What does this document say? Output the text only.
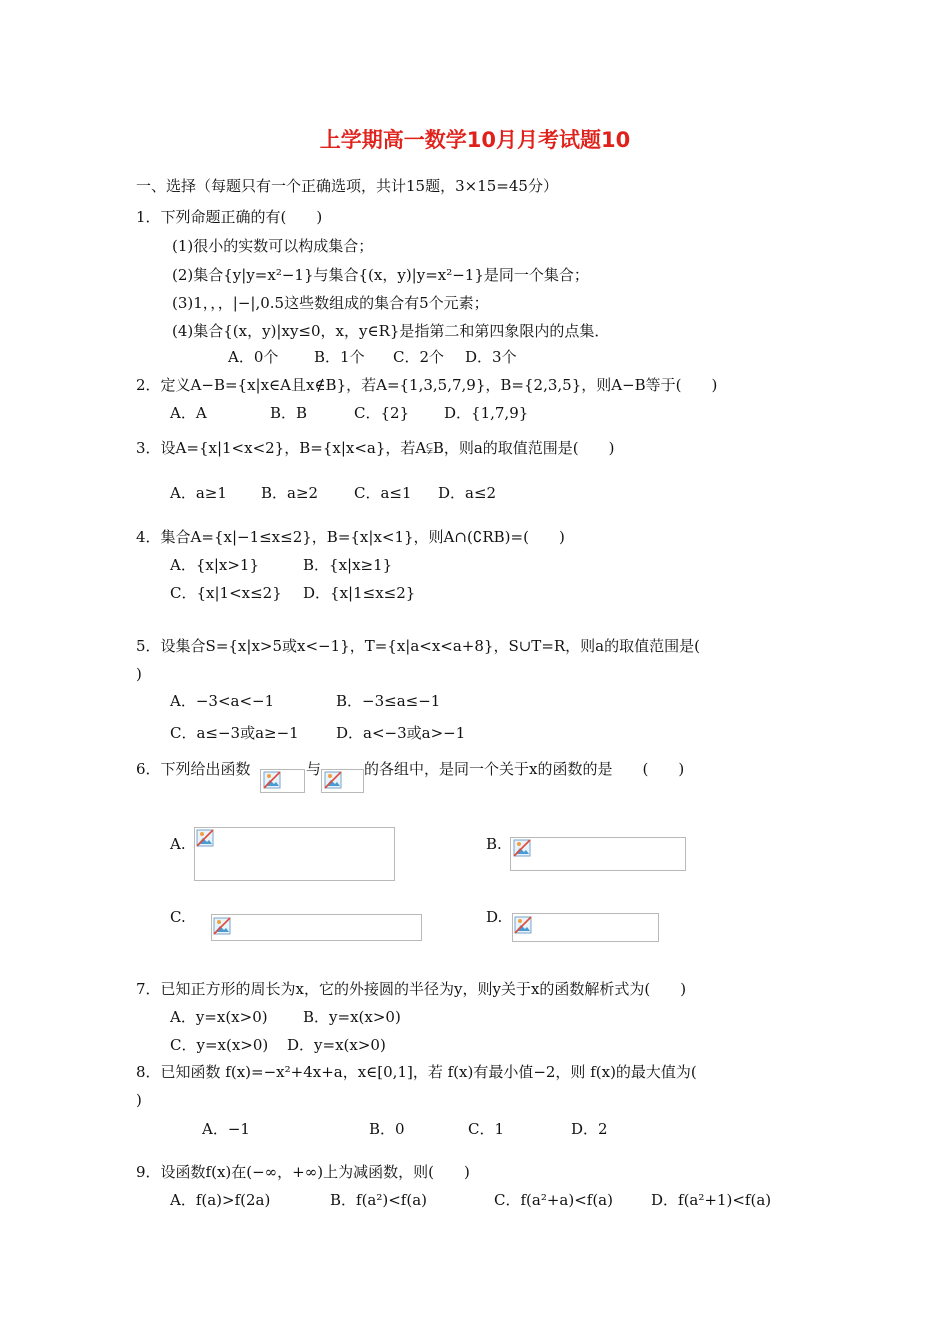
上学期高一数学10月月考试题10
一、选择（每题只有一个正确选项，共计15题，3×15=45分）
1．下列命题正确的有(　　)
(1)很小的实数可以构成集合；
(2)集合{y|y=x²−1}与集合{(x，y)|y=x²−1}是同一个集合；
(3)1，，，|−|,0.5这些数组成的集合有5个元素；
(4)集合{(x，y)|xy≤0，x，y∈R}是指第二和第四象限内的点集．
A．0个 B．1个 C．2个 D．3个
2．定义A−B={x|x∈A且x∉B}，若A={1,3,5,7,9}，B={2,3,5}，则A−B等于(　　)
A．A	B．B	C．{2} D．{1,7,9}
3．设A={x|1<x<2}，B={x|x<a}，若A⫋B，则a的取值范围是(　　)
A．a≥1 B．a≥2 C．a≤1 D．a≤2
4．集合A={x|−1≤x≤2}，B={x|x<1}，则A∩(∁RB)=(　　)
A．{x|x>1}	B．{x|x≥1}
C．{x|1<x≤2} D．{x|1≤x≤2}
5．设集合S={x|x>5或x<−1}，T={x|a<x<a+8}，S∪T=R，则a的取值范围是(
)
A．−3<a<−1	B．−3≤a≤−1
C．a≤−3或a≥−1 D．a<−3或a>−1
6．下列给出函数	与	的各组中，是同一个关于x的函数的是　　(　　)
A.	B.
C.	D.
7．已知正方形的周长为x，它的外接圆的半径为y，则y关于x的函数解析式为(　　)
A．y=x(x>0) B．y=x(x>0)
C．y=x(x>0) D．y=x(x>0)
8．已知函数 f(x)=−x²+4x+a，x∈[0,1]，若 f(x)有最小值−2，则 f(x)的最大值为(
)
A．−1	B．0	C．1	D．2
9．设函数f(x)在(−∞，+∞)上为减函数，则(　　)
A．f(a)>f(2a)	B．f(a²)<f(a)	C．f(a²+a)<f(a)	D．f(a²+1)<f(a)
